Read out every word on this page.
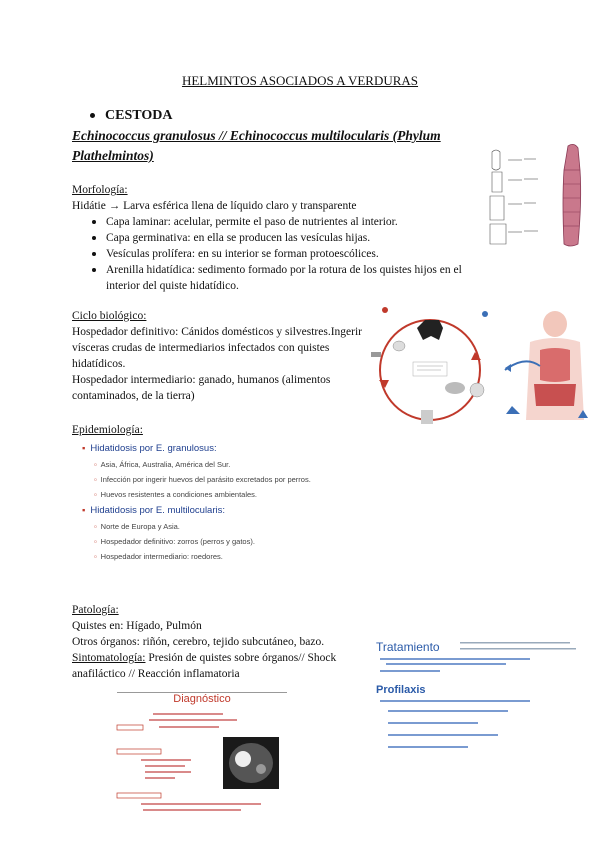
HELMINTOS ASOCIADOS A VERDURAS
CESTODA
Echinococcus granulosus // Echinococcus multilocularis (Phylum Plathelmintos)
Morfología:
Hidátie → Larva esférica llena de líquido claro y transparente
Capa laminar: acelular, permite el paso de nutrientes al interior.
Capa germinativa: en ella se producen las vesículas hijas.
Vesículas prolífera: en su interior se forman protoescólices.
Arenilla hidatídica: sedimento formado por la rotura de los quistes hijos en el interior del quiste hidatídico.
Ciclo biológico:
Hospedador definitivo: Cánidos domésticos y silvestres.Ingerir vísceras crudas de intermediarios infectados con quistes hidatídicos.
Hospedador intermediario: ganado, humanos (alimentos contaminados, de la tierra)
Epidemiología:
▪ Hidatidosis por E. granulosus:
▫ Asia, África, Australia, América del Sur.
▫ Infección por ingerir huevos del parásito excretados por perros.
▫ Huevos resistentes a condiciones ambientales.
▪ Hidatidosis por E. multilocularis:
▫ Norte de Europa y Asia.
▫ Hospedador definitivo: zorros (perros y gatos).
▫ Hospedador intermediario: roedores.
Patología:
Quistes en: Hígado, Pulmón
Otros órganos: riñón, cerebro, tejido subcutáneo, bazo.
Sintomatología: Presión de quistes sobre órganos// Shock anafiláctico // Reacción inflamatoria
Diagnóstico
Tratamiento
Profilaxis
